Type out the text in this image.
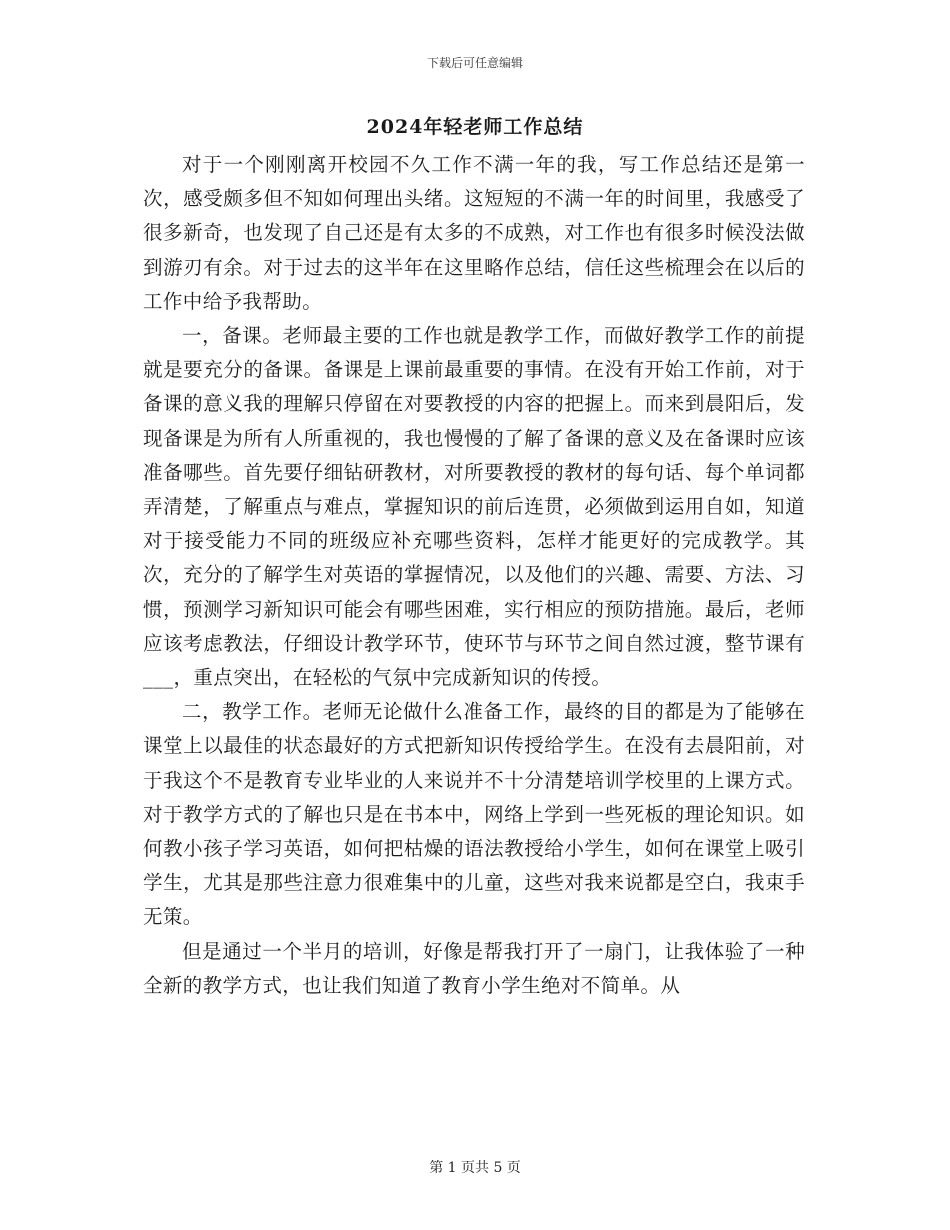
下载后可任意编辑
2024年轻老师工作总结

对于一个刚刚离开校园不久工作不满一年的我，写工作总结还是第一次，感受颇多但不知如何理出头绪。这短短的不满一年的时间里，我感受了很多新奇，也发现了自己还是有太多的不成熟，对工作也有很多时候没法做到游刃有余。对于过去的这半年在这里略作总结，信任这些梳理会在以后的工作中给予我帮助。

一，备课。老师最主要的工作也就是教学工作，而做好教学工作的前提就是要充分的备课。备课是上课前最重要的事情。在没有开始工作前，对于备课的意义我的理解只停留在对要教授的内容的把握上。而来到晨阳后，发现备课是为所有人所重视的，我也慢慢的了解了备课的意义及在备课时应该准备哪些。首先要仔细钻研教材，对所要教授的教材的每句话、每个单词都弄清楚，了解重点与难点，掌握知识的前后连贯，必须做到运用自如，知道对于接受能力不同的班级应补充哪些资料，怎样才能更好的完成教学。其次，充分的了解学生对英语的掌握情况，以及他们的兴趣、需要、方法、习惯，预测学习新知识可能会有哪些困难，实行相应的预防措施。最后，老师应该考虑教法，仔细设计教学环节，使环节与环节之间自然过渡，整节课有___，重点突出，在轻松的气氛中完成新知识的传授。

二，教学工作。老师无论做什么准备工作，最终的目的都是为了能够在课堂上以最佳的状态最好的方式把新知识传授给学生。在没有去晨阳前，对于我这个不是教育专业毕业的人来说并不十分清楚培训学校里的上课方式。对于教学方式的了解也只是在书本中，网络上学到一些死板的理论知识。如何教小孩子学习英语，如何把枯燥的语法教授给小学生，如何在课堂上吸引学生，尤其是那些注意力很难集中的儿童，这些对我来说都是空白，我束手无策。

但是通过一个半月的培训，好像是帮我打开了一扇门，让我体验了一种全新的教学方式，也让我们知道了教育小学生绝对不简单。从

第 1 页共 5 页
